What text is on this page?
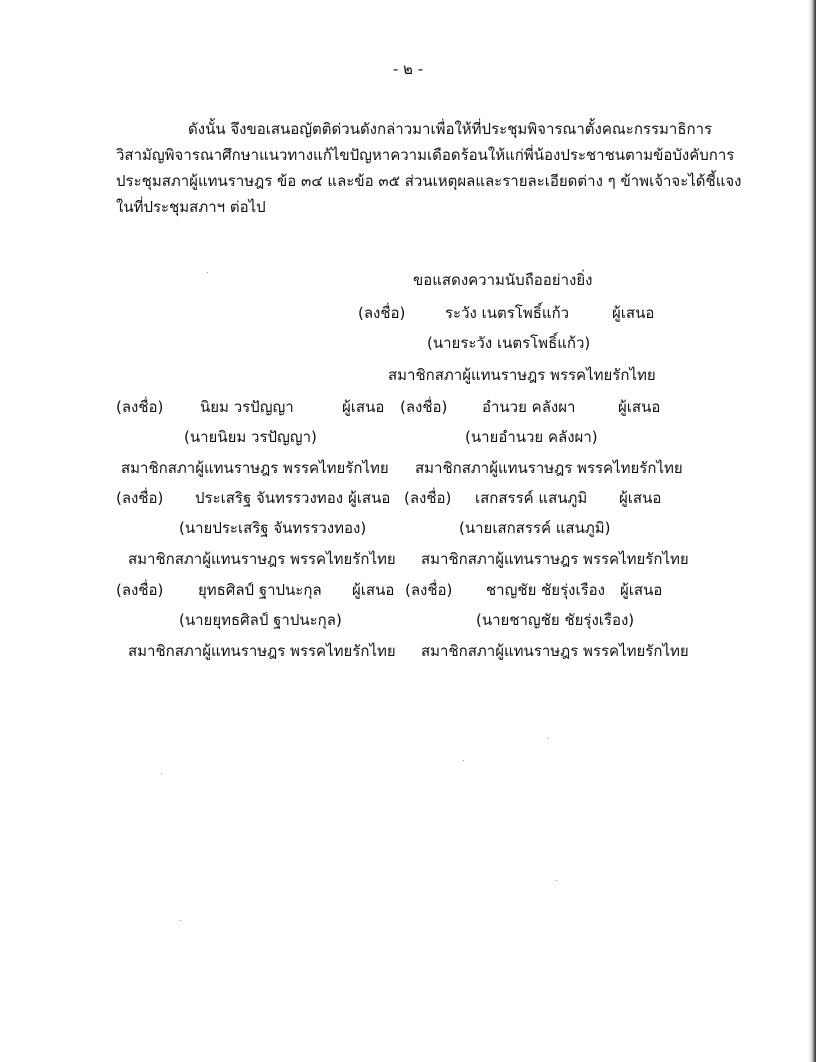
- ๒ -

ดังนั้น จึงขอเสนอญัตติด่วนดังกล่าวมาเพื่อให้ที่ประชุมพิจารณาตั้งคณะกรรมาธิการ
วิสามัญพิจารณาศึกษาแนวทางแก้ไขปัญหาความเดือดร้อนให้แก่พี่น้องประชาชนตามข้อบังคับการ
ประชุมสภาผู้แทนราษฎร ข้อ ๓๔ และข้อ ๓๕ ส่วนเหตุผลและรายละเอียดต่าง ๆ ข้าพเจ้าจะได้ชี้แจง
ในที่ประชุมสภาฯ ต่อไป

ขอแสดงความนับถืออย่างยิ่ง
(ลงชื่อ)	ระวัง เนตรโพธิ์แก้ว	ผู้เสนอ
(นายระวัง เนตรโพธิ์แก้ว)
สมาชิกสภาผู้แทนราษฎร พรรคไทยรักไทย
(ลงชื่อ) นิยม วรปัญญา	ผู้เสนอ (ลงชื่อ) อำนวย คลังผา	ผู้เสนอ
(นายนิยม วรปัญญา)	(นายอำนวย คลังผา)
สมาชิกสภาผู้แทนราษฎร พรรคไทยรักไทย สมาชิกสภาผู้แทนราษฎร พรรคไทยรักไทย
(ลงชื่อ) ประเสริฐ จันทรรวงทอง ผู้เสนอ (ลงชื่อ) เสกสรรค์ แสนภูมิ ผู้เสนอ
(นายประเสริฐ จันทรรวงทอง)	(นายเสกสรรค์ แสนภูมิ)
สมาชิกสภาผู้แทนราษฎร พรรคไทยรักไทย สมาชิกสภาผู้แทนราษฎร พรรคไทยรักไทย
(ลงชื่อ) ยุทธศิลป์ ฐาปนะกุล ผู้เสนอ (ลงชื่อ) ชาญชัย ชัยรุ่งเรือง ผู้เสนอ
(นายยุทธศิลป์ ฐาปนะกุล)	(นายชาญชัย ชัยรุ่งเรือง)
สมาชิกสภาผู้แทนราษฎร พรรคไทยรักไทย สมาชิกสภาผู้แทนราษฎร พรรคไทยรักไทย
